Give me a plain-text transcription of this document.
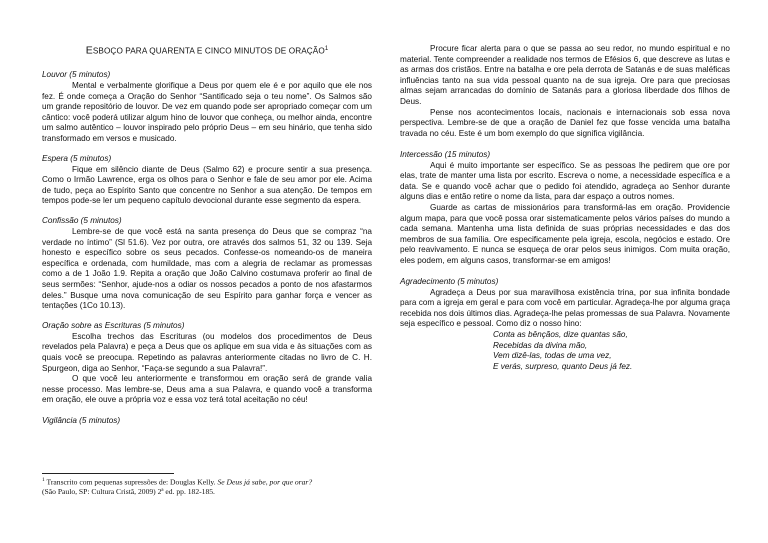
ESBOÇO PARA QUARENTA E CINCO MINUTOS DE ORAÇÃO$^1$

Louvor (5 minutos)

Mental e verbalmente glorifique a Deus por quem ele é e por aquilo que ele nos fez. É onde começa a Oração do Senhor “Santificado seja o teu nome”. Os Salmos são um grande repositório de louvor. De vez em quando pode ser apropriado começar com um cântico: você poderá utilizar algum hino de louvor que conheça, ou melhor ainda, encontre um salmo autêntico – louvor inspirado pelo próprio Deus – em seu hinário, que tenha sido transformado em versos e musicado.

Espera (5 minutos)

Fique em silêncio diante de Deus (Salmo 62) e procure sentir a sua presença. Como o Irmão Lawrence, erga os olhos para o Senhor e fale de seu amor por ele. Acima de tudo, peça ao Espírito Santo que concentre no Senhor a sua atenção. De tempos em tempos pode-se ler um pequeno capítulo devocional durante esse segmento da espera.

Confissão (5 minutos)

Lembre-se de que você está na santa presença do Deus que se compraz “na verdade no íntimo” (Sl 51.6). Vez por outra, ore através dos salmos 51, 32 ou 139. Seja honesto e específico sobre os seus pecados. Confesse-os nomeando-os de maneira específica e ordenada, com humildade, mas com a alegria de reclamar as promessas como a de 1 João 1.9. Repita a oração que João Calvino costumava proferir ao final de seus sermões: “Senhor, ajude-nos a odiar os nossos pecados a ponto de nos afastarmos deles.” Busque uma nova comunicação de seu Espírito para ganhar força e vencer as tentações (1Co 10.13).

Oração sobre as Escrituras (5 minutos)

Escolha trechos das Escrituras (ou modelos dos procedimentos de Deus revelados pela Palavra) e peça a Deus que os aplique em sua vida e às situações com as quais você se preocupa. Repetindo as palavras anteriormente citadas no livro de C. H. Spurgeon, diga ao Senhor, “Faça-se segundo a sua Palavra!”.

O que você leu anteriormente e transformou em oração será de grande valia nesse processo. Mas lembre-se, Deus ama a sua Palavra, e quando você a transforma em oração, ele ouve a própria voz e essa voz terá total aceitação no céu!

Vigilância (5 minutos)

$^1$ Transcrito com pequenas supressões de: Douglas Kelly. Se Deus já sabe, por que orar?
(São Paulo, SP: Cultura Cristã, 2009) 2ª ed. pp. 182-185.

Procure ficar alerta para o que se passa ao seu redor, no mundo espiritual e no material. Tente compreender a realidade nos termos de Efésios 6, que descreve as lutas e as armas dos cristãos. Entre na batalha e ore pela derrota de Satanás e de suas maléficas influências tanto na sua vida pessoal quanto na de sua igreja. Ore para que preciosas almas sejam arrancadas do domínio de Satanás para a gloriosa liberdade dos filhos de Deus.

Pense nos acontecimentos locais, nacionais e internacionais sob essa nova perspectiva. Lembre-se de que a oração de Daniel fez que fosse vencida uma batalha travada no céu. Este é um bom exemplo do que significa vigilância.

Intercessão (15 minutos)

Aqui é muito importante ser específico. Se as pessoas lhe pedirem que ore por elas, trate de manter uma lista por escrito. Escreva o nome, a necessidade específica e a data. Se e quando você achar que o pedido foi atendido, agradeça ao Senhor durante alguns dias e então retire o nome da lista, para dar espaço a outros nomes.

Guarde as cartas de missionários para transformá-las em oração. Providencie algum mapa, para que você possa orar sistematicamente pelos vários países do mundo a cada semana. Mantenha uma lista definida de suas próprias necessidades e das dos membros de sua família. Ore especificamente pela igreja, escola, negócios e estado. Ore pelo reavivamento. E nunca se esqueça de orar pelos seus inimigos. Com muita oração, eles podem, em alguns casos, transformar-se em amigos!

Agradecimento (5 minutos)

Agradeça a Deus por sua maravilhosa existência trina, por sua infinita bondade para com a igreja em geral e para com você em particular. Agradeça-lhe por alguma graça recebida nos dois últimos dias. Agradeça-lhe pelas promessas de sua Palavra. Novamente seja específico e pessoal. Como diz o nosso hino:

Conta as bênçãos, dize quantas são,
Recebidas da divina mão,
Vem dizê-las, todas de uma vez,
E verás, surpreso, quanto Deus já fez.
